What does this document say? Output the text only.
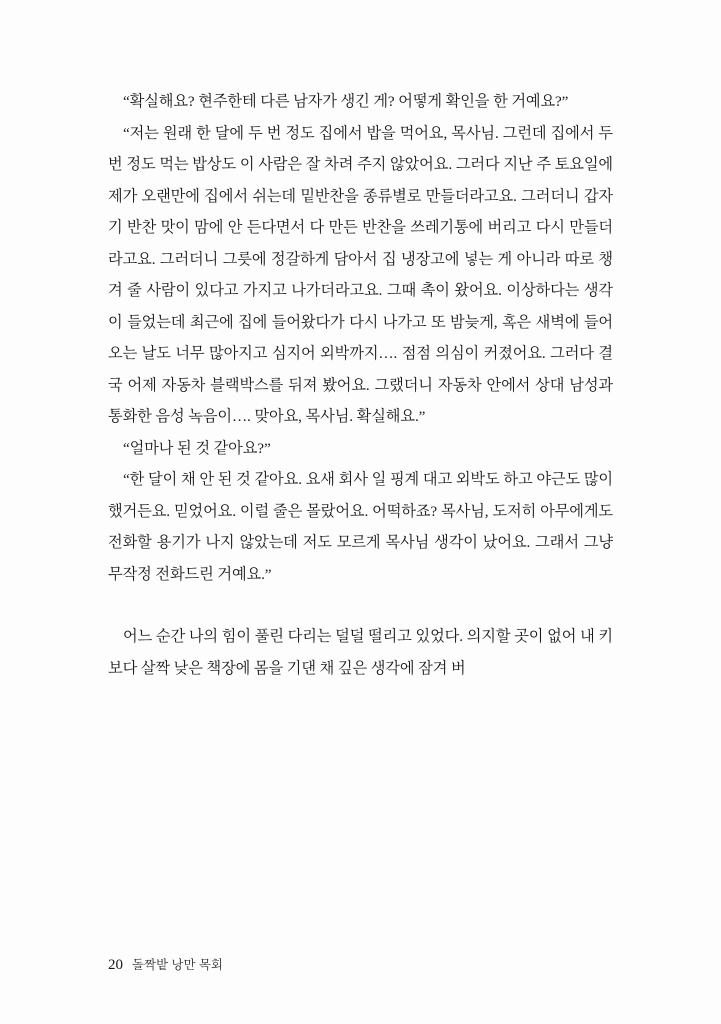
“확실해요? 현주한테 다른 남자가 생긴 게? 어떻게 확인을 한 거예요?”

“저는 원래 한 달에 두 번 정도 집에서 밥을 먹어요, 목사님. 그런데 집에서 두 번 정도 먹는 밥상도 이 사람은 잘 차려 주지 않았어요. 그러다 지난 주 토요일에 제가 오랜만에 집에서 쉬는데 밑반찬을 종류별로 만들더라고요. 그러더니 갑자기 반찬 맛이 맘에 안 든다면서 다 만든 반찬을 쓰레기통에 버리고 다시 만들더라고요. 그러더니 그릇에 정갈하게 담아서 집 냉장고에 넣는 게 아니라 따로 챙겨 줄 사람이 있다고 가지고 나가더라고요. 그때 촉이 왔어요. 이상하다는 생각이 들었는데 최근에 집에 들어왔다가 다시 나가고 또 밤늦게, 혹은 새벽에 들어오는 날도 너무 많아지고 심지어 외박까지…. 점점 의심이 커졌어요. 그러다 결국 어제 자동차 블랙박스를 뒤져 봤어요. 그랬더니 자동차 안에서 상대 남성과 통화한 음성 녹음이…. 맞아요, 목사님. 확실해요.”

“얼마나 된 것 같아요?”

“한 달이 채 안 된 것 같아요. 요새 회사 일 핑계 대고 외박도 하고 야근도 많이 했거든요. 믿었어요. 이럴 줄은 몰랐어요. 어떡하죠? 목사님, 도저히 아무에게도 전화할 용기가 나지 않았는데 저도 모르게 목사님 생각이 났어요. 그래서 그냥 무작정 전화드린 거예요.”

어느 순간 나의 힘이 풀린 다리는 덜덜 떨리고 있었다. 의지할 곳이 없어 내 키보다 살짝 낮은 책장에 몸을 기댄 채 깊은 생각에 잠겨 버

20 돌짝밭 낭만 목회
